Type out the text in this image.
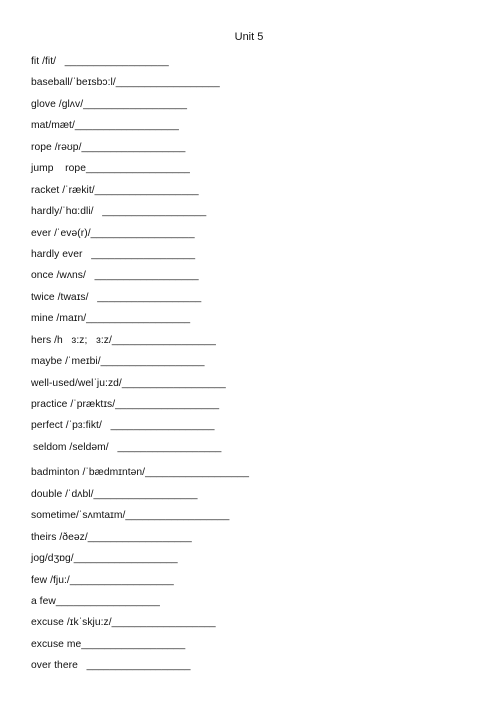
Unit 5
fit /fit/   __________________
baseball/ˈbeɪsbɔ:l/__________________
glove /ɡlʌv/__________________
mat/mæt/__________________
rope /rəʊp/__________________
jump    rope__________________
racket /ˈrækit/__________________
hardly/ˈhɑ:dli/   __________________
ever /ˈevə(r)/__________________
hardly ever   __________________
once /wʌns/   __________________
twice /twaɪs/   __________________
mine /maɪn/__________________
hers /h   ɜ:z;   ɜ:z/__________________
maybe /ˈmeɪbi/__________________
well-used/welˈju:zd/__________________
practice /ˈpræktɪs/__________________
perfect /ˈpɜ:fikt/   __________________
seldom /seldəm/   __________________
badminton /ˈbædmɪntən/__________________
double /ˈdʌbl/__________________
sometime/ˈsʌmtaɪm/__________________
theirs /ðeəz/__________________
jog/dʒɒɡ/__________________
few /fju:/__________________
a few__________________
excuse /ɪkˈskju:z/__________________
excuse me__________________
over there   __________________
